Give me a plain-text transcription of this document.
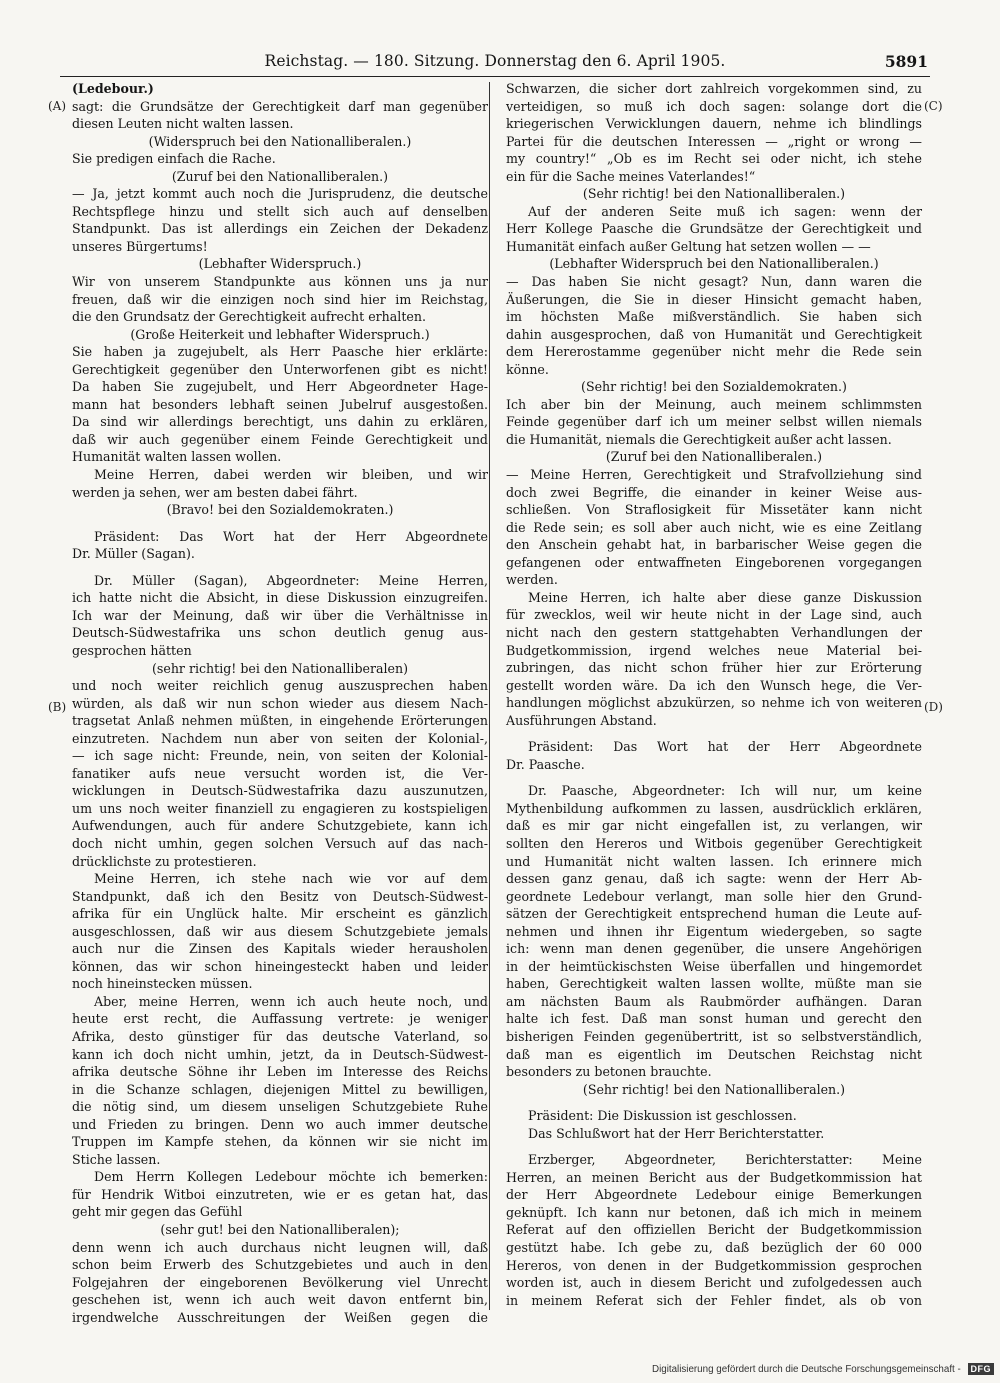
Reichstag. — 180. Sitzung. Donnerstag den 6. April 1905.	5891
(A)
(B)
(C)
(D)

(Ledebour.)

sagt: die Grundsätze der Gerechtigkeit darf man gegenüber

diesen Leuten nicht walten lassen.

(Widerspruch bei den Nationalliberalen.)

Sie predigen einfach die Rache.

(Zuruf bei den Nationalliberalen.)

— Ja, jetzt kommt auch noch die Jurisprudenz, die deutsche

Rechtspflege hinzu und stellt sich auch auf denselben

Standpunkt. Das ist allerdings ein Zeichen der Dekadenz

unseres Bürgertums!

(Lebhafter Widerspruch.)

Wir von unserem Standpunkte aus können uns ja nur

freuen, daß wir die einzigen noch sind hier im Reichstag,

die den Grundsatz der Gerechtigkeit aufrecht erhalten.

(Große Heiterkeit und lebhafter Widerspruch.)

Sie haben ja zugejubelt, als Herr Paasche hier erklärte:

Gerechtigkeit gegenüber den Unterworfenen gibt es nicht!

Da haben Sie zugejubelt, und Herr Abgeordneter Hage-

mann hat besonders lebhaft seinen Jubelruf ausgestoßen.

Da sind wir allerdings berechtigt, uns dahin zu erklären,

daß wir auch gegenüber einem Feinde Gerechtigkeit und

Humanität walten lassen wollen.

Meine Herren, dabei werden wir bleiben, und wir

werden ja sehen, wer am besten dabei fährt.

(Bravo! bei den Sozialdemokraten.)

Präsident: Das Wort hat der Herr Abgeordnete

Dr. Müller (Sagan).

Dr. Müller (Sagan), Abgeordneter: Meine Herren,

ich hatte nicht die Absicht, in diese Diskussion einzugreifen.

Ich war der Meinung, daß wir über die Verhältnisse in

Deutsch-Südwestafrika uns schon deutlich genug aus-

gesprochen hätten

(sehr richtig! bei den Nationalliberalen)

und noch weiter reichlich genug auszusprechen haben

würden, als daß wir nun schon wieder aus diesem Nach-

tragsetat Anlaß nehmen müßten, in eingehende Erörterungen

einzutreten. Nachdem nun aber von seiten der Kolonial-,

— ich sage nicht: Freunde, nein, von seiten der Kolonial-

fanatiker aufs neue versucht worden ist, die Ver-

wicklungen in Deutsch-Südwestafrika dazu auszunutzen,

um uns noch weiter finanziell zu engagieren zu kostspieligen

Aufwendungen, auch für andere Schutzgebiete, kann ich

doch nicht umhin, gegen solchen Versuch auf das nach-

drücklichste zu protestieren.

Meine Herren, ich stehe nach wie vor auf dem

Standpunkt, daß ich den Besitz von Deutsch-Südwest-

afrika für ein Unglück halte. Mir erscheint es gänzlich

ausgeschlossen, daß wir aus diesem Schutzgebiete jemals

auch nur die Zinsen des Kapitals wieder herausholen

können, das wir schon hineingesteckt haben und leider

noch hineinstecken müssen.

Aber, meine Herren, wenn ich auch heute noch, und

heute erst recht, die Auffassung vertrete: je weniger

Afrika, desto günstiger für das deutsche Vaterland, so

kann ich doch nicht umhin, jetzt, da in Deutsch-Südwest-

afrika deutsche Söhne ihr Leben im Interesse des Reichs

in die Schanze schlagen, diejenigen Mittel zu bewilligen,

die nötig sind, um diesem unseligen Schutzgebiete Ruhe

und Frieden zu bringen. Denn wo auch immer deutsche

Truppen im Kampfe stehen, da können wir sie nicht im

Stiche lassen.

Dem Herrn Kollegen Ledebour möchte ich bemerken:

für Hendrik Witboi einzutreten, wie er es getan hat, das

geht mir gegen das Gefühl

(sehr gut! bei den Nationalliberalen);

denn wenn ich auch durchaus nicht leugnen will, daß

schon beim Erwerb des Schutzgebietes und auch in den

Folgejahren der eingeborenen Bevölkerung viel Unrecht

geschehen ist, wenn ich auch weit davon entfernt bin,

irgendwelche Ausschreitungen der Weißen gegen die

Schwarzen, die sicher dort zahlreich vorgekommen sind, zu

verteidigen, so muß ich doch sagen: solange dort die

kriegerischen Verwicklungen dauern, nehme ich blindlings

Partei für die deutschen Interessen — „right or wrong —

my country!“ „Ob es im Recht sei oder nicht, ich stehe

ein für die Sache meines Vaterlandes!“

(Sehr richtig! bei den Nationalliberalen.)

Auf der anderen Seite muß ich sagen: wenn der

Herr Kollege Paasche die Grundsätze der Gerechtigkeit und

Humanität einfach außer Geltung hat setzen wollen — —

(Lebhafter Widerspruch bei den Nationalliberalen.)

— Das haben Sie nicht gesagt? Nun, dann waren die

Äußerungen, die Sie in dieser Hinsicht gemacht haben,

im höchsten Maße mißverständlich. Sie haben sich

dahin ausgesprochen, daß von Humanität und Gerechtigkeit

dem Hererostamme gegenüber nicht mehr die Rede sein

könne.

(Sehr richtig! bei den Sozialdemokraten.)

Ich aber bin der Meinung, auch meinem schlimmsten

Feinde gegenüber darf ich um meiner selbst willen niemals

die Humanität, niemals die Gerechtigkeit außer acht lassen.

(Zuruf bei den Nationalliberalen.)

— Meine Herren, Gerechtigkeit und Strafvollziehung sind

doch zwei Begriffe, die einander in keiner Weise aus-

schließen. Von Straflosigkeit für Missetäter kann nicht

die Rede sein; es soll aber auch nicht, wie es eine Zeitlang

den Anschein gehabt hat, in barbarischer Weise gegen die

gefangenen oder entwaffneten Eingeborenen vorgegangen

werden.

Meine Herren, ich halte aber diese ganze Diskussion

für zwecklos, weil wir heute nicht in der Lage sind, auch

nicht nach den gestern stattgehabten Verhandlungen der

Budgetkommission, irgend welches neue Material bei-

zubringen, das nicht schon früher hier zur Erörterung

gestellt worden wäre. Da ich den Wunsch hege, die Ver-

handlungen möglichst abzukürzen, so nehme ich von weiteren

Ausführungen Abstand.

Präsident: Das Wort hat der Herr Abgeordnete

Dr. Paasche.

Dr. Paasche, Abgeordneter: Ich will nur, um keine

Mythenbildung aufkommen zu lassen, ausdrücklich erklären,

daß es mir gar nicht eingefallen ist, zu verlangen, wir

sollten den Hereros und Witbois gegenüber Gerechtigkeit

und Humanität nicht walten lassen. Ich erinnere mich

dessen ganz genau, daß ich sagte: wenn der Herr Ab-

geordnete Ledebour verlangt, man solle hier den Grund-

sätzen der Gerechtigkeit entsprechend human die Leute auf-

nehmen und ihnen ihr Eigentum wiedergeben, so sagte

ich: wenn man denen gegenüber, die unsere Angehörigen

in der heimtückischsten Weise überfallen und hingemordet

haben, Gerechtigkeit walten lassen wollte, müßte man sie

am nächsten Baum als Raubmörder aufhängen. Daran

halte ich fest. Daß man sonst human und gerecht den

bisherigen Feinden gegenübertritt, ist so selbstverständlich,

daß man es eigentlich im Deutschen Reichstag nicht

besonders zu betonen brauchte.

(Sehr richtig! bei den Nationalliberalen.)

Präsident: Die Diskussion ist geschlossen.

Das Schlußwort hat der Herr Berichterstatter.

Erzberger, Abgeordneter, Berichterstatter: Meine

Herren, an meinen Bericht aus der Budgetkommission hat

der Herr Abgeordnete Ledebour einige Bemerkungen

geknüpft. Ich kann nur betonen, daß ich mich in meinem

Referat auf den offiziellen Bericht der Budgetkommission

gestützt habe. Ich gebe zu, daß bezüglich der 60 000

Hereros, von denen in der Budgetkommission gesprochen

worden ist, auch in diesem Bericht und zufolgedessen auch

in meinem Referat sich der Fehler findet, als ob von

Digitalisierung gefördert durch die Deutsche Forschungsgemeinschaft - DFG
